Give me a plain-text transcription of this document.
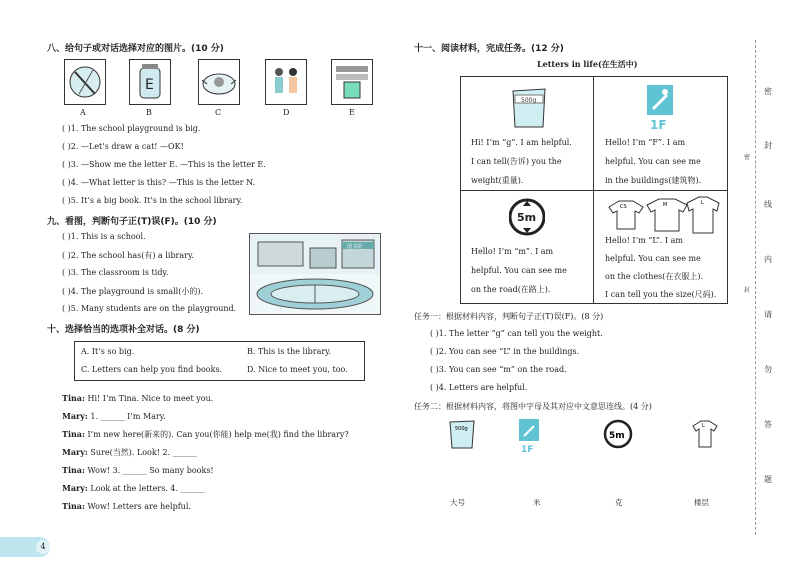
八、给句子或对话选择对应的图片。(10 分)
E
A	B	C	D	E
( )1. The school playground is big.
( )2. —Let’s draw a cat! —OK!
( )3. —Show me the letter E. —This is the letter E.
( )4. —What letter is this? —This is the letter N.
( )5. It’s a big book. It’s in the school library.
九、看图，判断句子正(T)误(F)。(10 分)
( )1. This is a school.
( )2. The school has(有) a library.
( )3. The classroom is tidy.
( )4. The playground is small(小的).
( )5. Many students are on the playground.
图书馆
十、选择恰当的选项补全对话。(8 分)
A. It’s so big.	B. This is the library.
C. Letters can help you find books.	D. Nice to meet you, too.
Tina: Hi! I’m Tina. Nice to meet you.
Mary: 1. ______ I’m Mary.
Tina: I’m new here(新来的). Can you(你能) help me(我) find the library?
Mary: Sure(当然). Look! 2. ______
Tina: Wow! 3. ______ So many books!
Mary: Look at the letters. 4. ______
Tina: Wow! Letters are helpful.
4
十一、阅读材料，完成任务。(12 分)
Letters in life(在生活中)
500g
Hi! I’m “g”. I am helpful.
I can tell(告诉) you the
weight(重量).
1F
Hello! I’m “F”. I am
helpful. You can see me
in the buildings(建筑物).
5m
Hello! I’m “m”. I am
helpful. You can see me
on the road(在路上).
CS	M	L
Hello! I’m “L”. I am
helpful. You can see me
on the clothes(在衣服上).
I can tell you the size(尺码).
任务一：根据材料内容，判断句子正(T)误(F)。(8 分)
( )1. The letter “g” can tell you the weight.
( )2. You can see “L” in the buildings.
( )3. You can see “m” on the road.
( )4. Letters are helpful.
任务二：根据材料内容，将图中字母及其对应中文意思连线。(4 分)
500g
1F
5m
L
大号	米	克	楼层
密
封
线
内
请
勿
答
题
密
封
